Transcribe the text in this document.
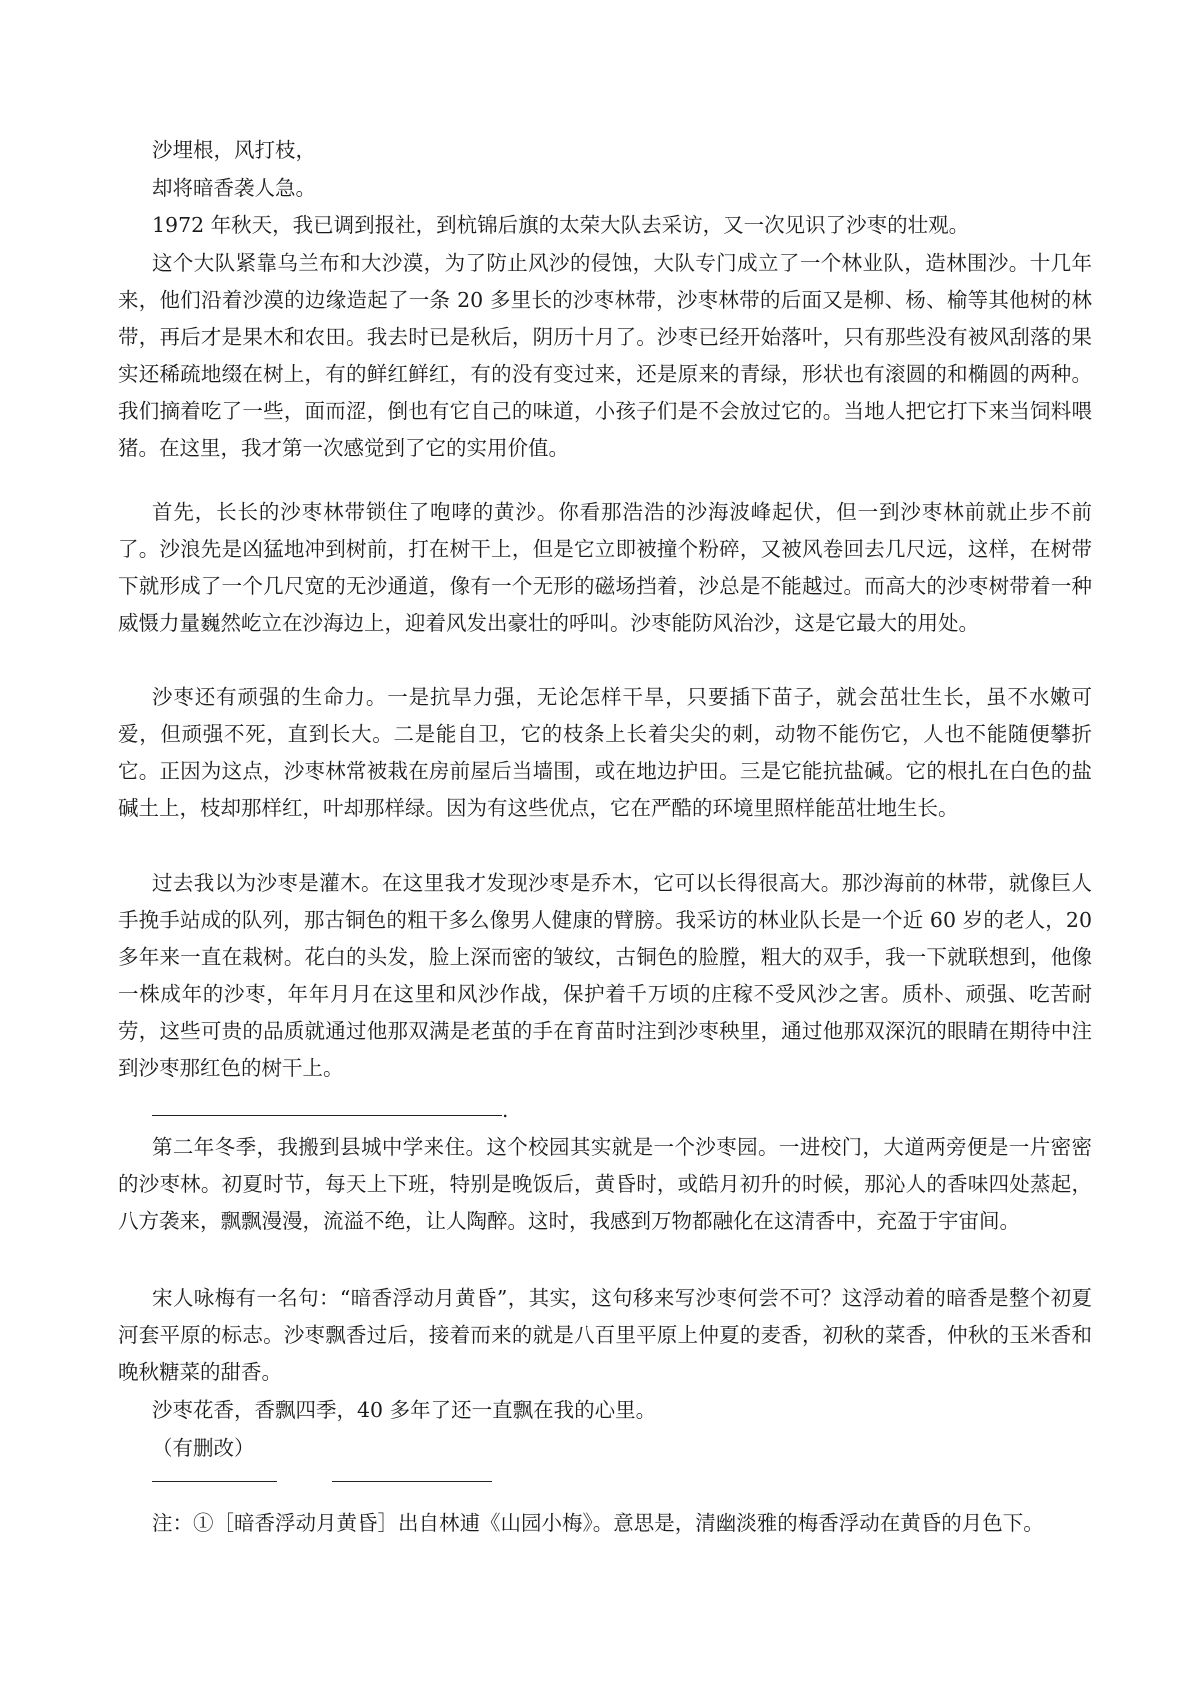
沙埋根，风打枝，

却将暗香袭人急。

1972 年秋天，我已调到报社，到杭锦后旗的太荣大队去采访，又一次见识了沙枣的壮观。

这个大队紧靠乌兰布和大沙漠，为了防止风沙的侵蚀，大队专门成立了一个林业队，造林围沙。十几年来，他们沿着沙漠的边缘造起了一条 20 多里长的沙枣林带，沙枣林带的后面又是柳、杨、榆等其他树的林带，再后才是果木和农田。我去时已是秋后，阴历十月了。沙枣已经开始落叶，只有那些没有被风刮落的果实还稀疏地缀在树上，有的鲜红鲜红，有的没有变过来，还是原来的青绿，形状也有滚圆的和椭圆的两种。我们摘着吃了一些，面而涩，倒也有它自己的味道，小孩子们是不会放过它的。当地人把它打下来当饲料喂猪。在这里，我才第一次感觉到了它的实用价值。

首先，长长的沙枣林带锁住了咆哮的黄沙。你看那浩浩的沙海波峰起伏，但一到沙枣林前就止步不前了。沙浪先是凶猛地冲到树前，打在树干上，但是它立即被撞个粉碎，又被风卷回去几尺远，这样，在树带下就形成了一个几尺宽的无沙通道，像有一个无形的磁场挡着，沙总是不能越过。而高大的沙枣树带着一种威慑力量巍然屹立在沙海边上，迎着风发出豪壮的呼叫。沙枣能防风治沙，这是它最大的用处。

沙枣还有顽强的生命力。一是抗旱力强，无论怎样干旱，只要插下苗子，就会茁壮生长，虽不水嫩可爱，但顽强不死，直到长大。二是能自卫，它的枝条上长着尖尖的刺，动物不能伤它，人也不能随便攀折它。正因为这点，沙枣林常被栽在房前屋后当墙围，或在地边护田。三是它能抗盐碱。它的根扎在白色的盐碱土上，枝却那样红，叶却那样绿。因为有这些优点，它在严酷的环境里照样能茁壮地生长。

过去我以为沙枣是灌木。在这里我才发现沙枣是乔木，它可以长得很高大。那沙海前的林带，就像巨人手挽手站成的队列，那古铜色的粗干多么像男人健康的臂膀。我采访的林业队长是一个近 60 岁的老人，20 多年来一直在栽树。花白的头发，脸上深而密的皱纹，古铜色的脸膛，粗大的双手，我一下就联想到，他像一株成年的沙枣，年年月月在这里和风沙作战，保护着千万顷的庄稼不受风沙之害。质朴、顽强、吃苦耐劳，这些可贵的品质就通过他那双满是老茧的手在育苗时注到沙枣秧里，通过他那双深沉的眼睛在期待中注到沙枣那红色的树干上。

.

第二年冬季，我搬到县城中学来住。这个校园其实就是一个沙枣园。一进校门，大道两旁便是一片密密的沙枣林。初夏时节，每天上下班，特别是晚饭后，黄昏时，或皓月初升的时候，那沁人的香味四处蒸起，八方袭来，飘飘漫漫，流溢不绝，让人陶醉。这时，我感到万物都融化在这清香中，充盈于宇宙间。

宋人咏梅有一名句：“暗香浮动月黄昏”，其实，这句移来写沙枣何尝不可？这浮动着的暗香是整个初夏河套平原的标志。沙枣飘香过后，接着而来的就是八百里平原上仲夏的麦香，初秋的菜香，仲秋的玉米香和晚秋糖菜的甜香。

沙枣花香，香飘四季，40 多年了还一直飘在我的心里。

（有删改）

注：①［暗香浮动月黄昏］出自林逋《山园小梅》。意思是，清幽淡雅的梅香浮动在黄昏的月色下。
